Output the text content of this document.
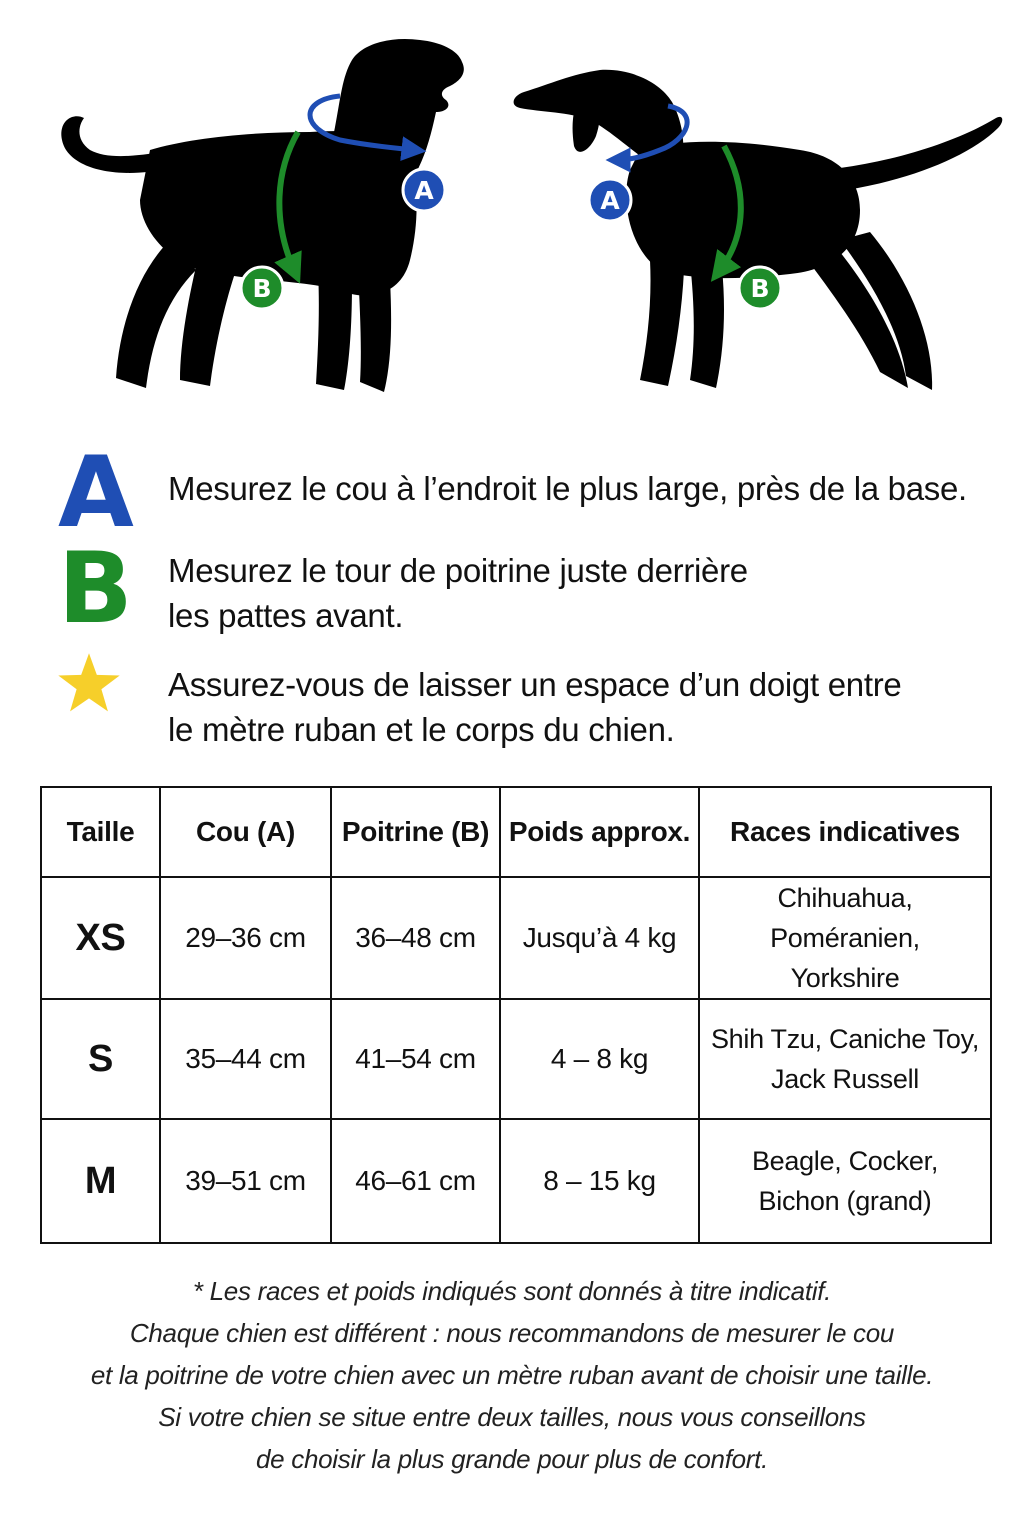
A
B
A
B
A Mesurez le cou à l’endroit le plus large, près de la base.
B Mesurez le tour de poitrine juste derrière
les pattes avant.
Assurez-vous de laisser un espace d’un doigt entre
le mètre ruban et le corps du chien.
Taille	Cou (A)	Poitrine (B)	Poids approx.	Races indicatives
XS	29–36 cm	36–48 cm	Jusqu’à 4 kg	Chihuahua, Poméranien,
Yorkshire

S	35–44 cm	41–54 cm	4 – 8 kg	Shih Tzu, Caniche Toy,
Jack Russell

M	39–51 cm	46–61 cm	8 – 15 kg	Beagle, Cocker,
Bichon (grand)
* Les races et poids indiqués sont donnés à titre indicatif.
Chaque chien est différent : nous recommandons de mesurer le cou
et la poitrine de votre chien avec un mètre ruban avant de choisir une taille.
Si votre chien se situe entre deux tailles, nous vous conseillons
de choisir la plus grande pour plus de confort.
